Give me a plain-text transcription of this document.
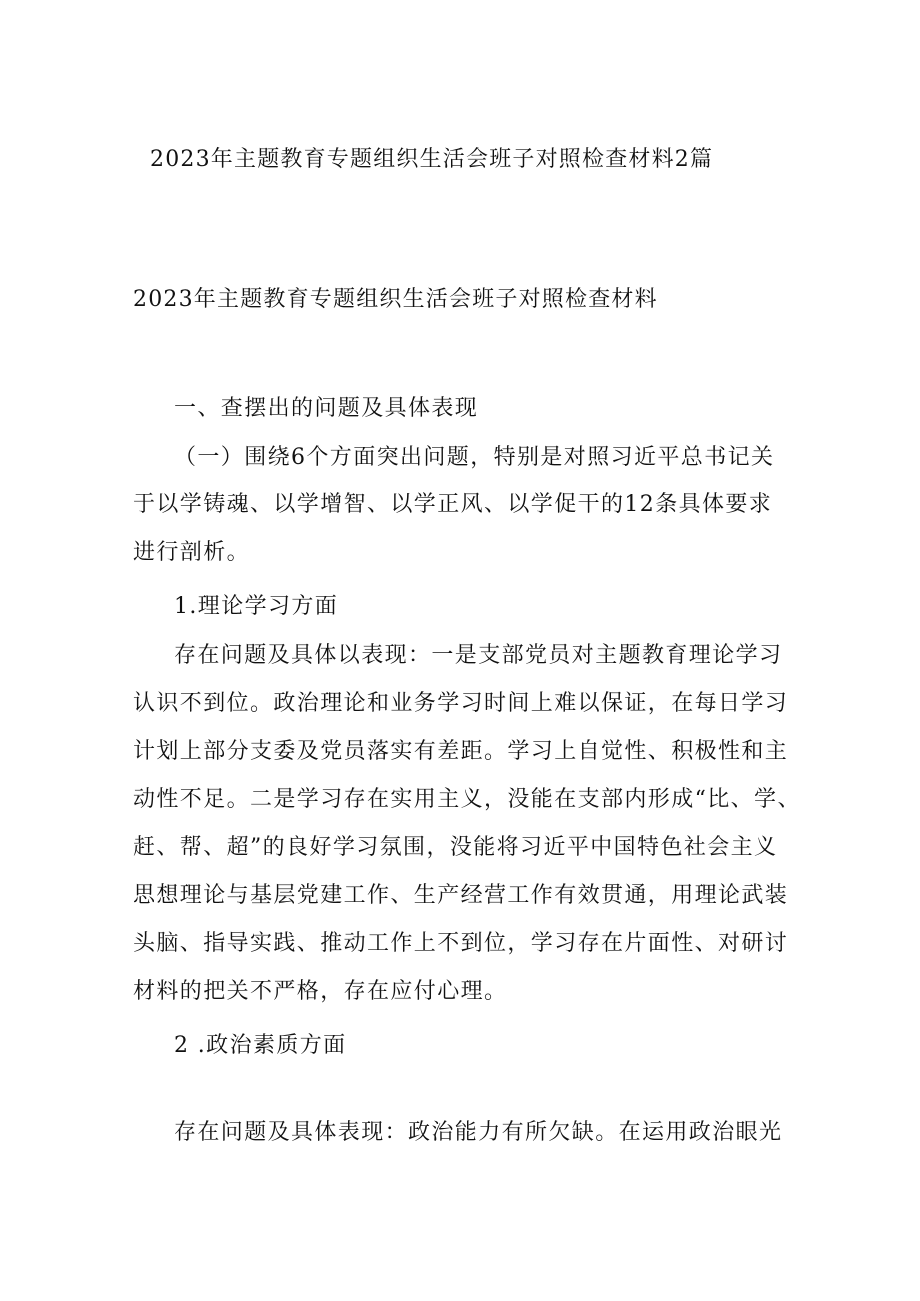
2023年主题教育专题组织生活会班子对照检查材料2篇
2023年主题教育专题组织生活会班子对照检查材料
一、查摆出的问题及具体表现
（一）围绕6个方面突出问题，特别是对照习近平总书记关
于以学铸魂、以学增智、以学正风、以学促干的12条具体要求
进行剖析。
1.理论学习方面
存在问题及具体以表现：一是支部党员对主题教育理论学习
认识不到位。政治理论和业务学习时间上难以保证，在每日学习
计划上部分支委及党员落实有差距。学习上自觉性、积极性和主
动性不足。二是学习存在实用主义，没能在支部内形成“比、学、
赶、帮、超”的良好学习氛围，没能将习近平中国特色社会主义
思想理论与基层党建工作、生产经营工作有效贯通，用理论武装
头脑、指导实践、推动工作上不到位，学习存在片面性、对研讨
材料的把关不严格，存在应付心理。
2 .政治素质方面
存在问题及具体表现：政治能力有所欠缺。在运用政治眼光
